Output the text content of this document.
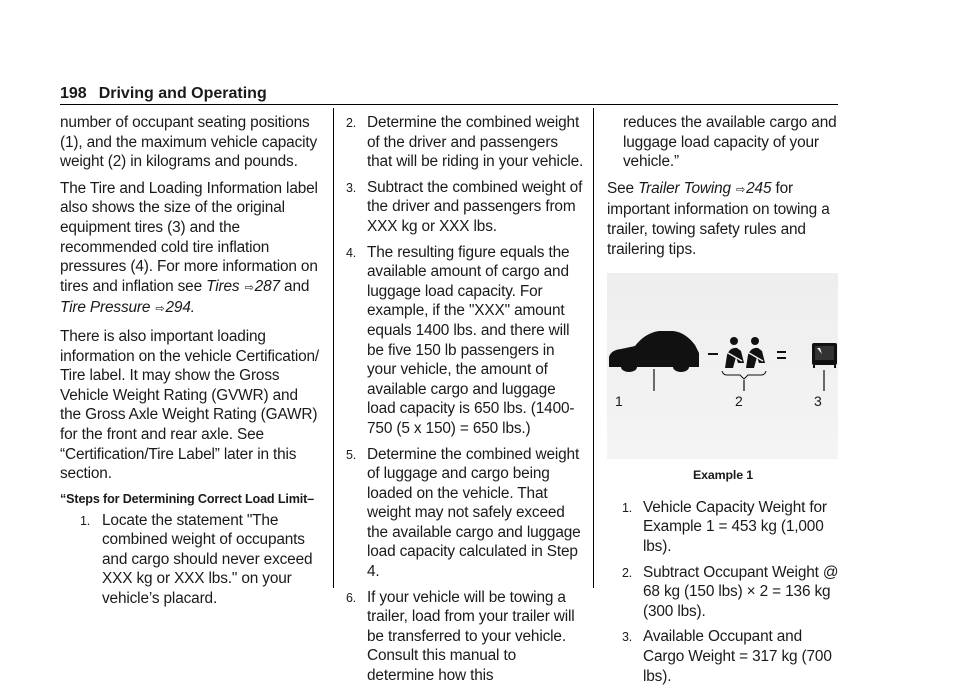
198 Driving and Operating

number of occupant seating positions (1), and the maximum vehicle capacity weight (2) in kilograms and pounds.

The Tire and Loading Information label also shows the size of the original equipment tires (3) and the recommended cold tire inflation pressures (4). For more information on tires and inflation see Tires ⇨287 and Tire Pressure ⇨294.

There is also important loading information on the vehicle Certification/ Tire label. It may show the Gross Vehicle Weight Rating (GVWR) and the Gross Axle Weight Rating (GAWR) for the front and rear axle. See “Certification/Tire Label” later in this section.

“Steps for Determining Correct Load Limit–
1. Locate the statement "The combined weight of occupants and cargo should never exceed XXX kg or XXX lbs." on your vehicle’s placard.
2. Determine the combined weight of the driver and passengers that will be riding in your vehicle.
3. Subtract the combined weight of the driver and passengers from XXX kg or XXX lbs.
4. The resulting figure equals the available amount of cargo and luggage load capacity. For example, if the "XXX" amount equals 1400 lbs. and there will be five 150 lb passengers in your vehicle, the amount of available cargo and luggage load capacity is 650 lbs. (1400-750 (5 x 150) = 650 lbs.)
5. Determine the combined weight of luggage and cargo being loaded on the vehicle. That weight may not safely exceed the available cargo and luggage load capacity calculated in Step 4.
6. If your vehicle will be towing a trailer, load from your trailer will be transferred to your vehicle. Consult this manual to determine how this

reduces the available cargo and luggage load capacity of your vehicle.”

See Trailer Towing ⇨245 for important information on towing a trailer, towing safety rules and trailering tips.

1	2	3
Example 1
1. Vehicle Capacity Weight for Example 1 = 453 kg (1,000 lbs).
2. Subtract Occupant Weight @ 68 kg (150 lbs) × 2 = 136 kg (300 lbs).
3. Available Occupant and Cargo Weight = 317 kg (700 lbs).
